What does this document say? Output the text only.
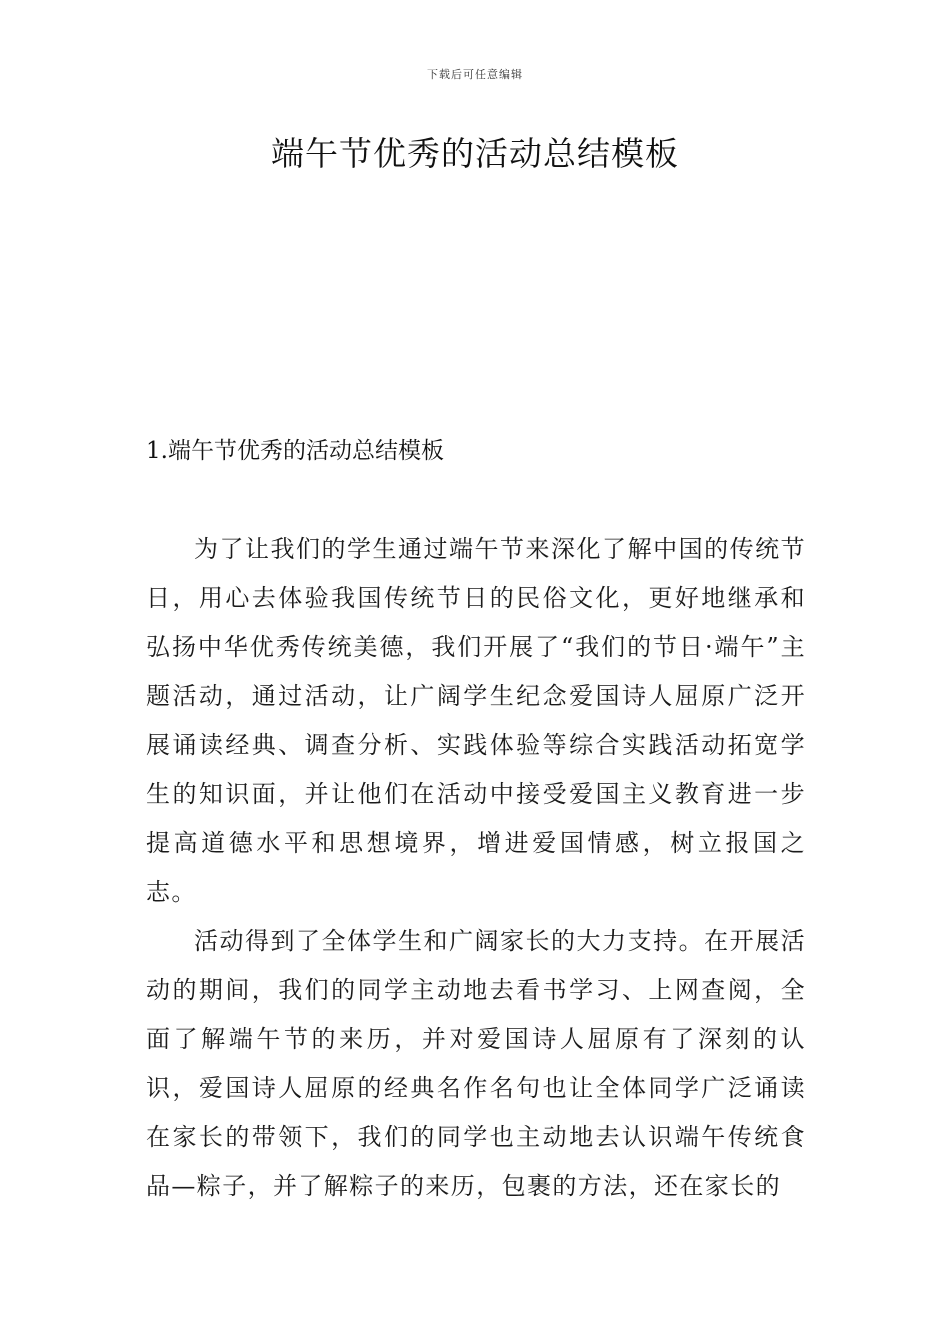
下载后可任意编辑
端午节优秀的活动总结模板
1.端午节优秀的活动总结模板

为了让我们的学生通过端午节来深化了解中国的传统节日，用心去体验我国传统节日的民俗文化，更好地继承和弘扬中华优秀传统美德，我们开展了“我们的节日·端午”主题活动，通过活动，让广阔学生纪念爱国诗人屈原广泛开展诵读经典、调查分析、实践体验等综合实践活动拓宽学生的知识面，并让他们在活动中接受爱国主义教育进一步提高道德水平和思想境界，增进爱国情感，树立报国之志。

活动得到了全体学生和广阔家长的大力支持。在开展活动的期间，我们的同学主动地去看书学习、上网查阅，全面了解端午节的来历，并对爱国诗人屈原有了深刻的认识，爱国诗人屈原的经典名作名句也让全体同学广泛诵读在家长的带领下，我们的同学也主动地去认识端午传统食品—粽子，并了解粽子的来历，包裹的方法，还在家长的
